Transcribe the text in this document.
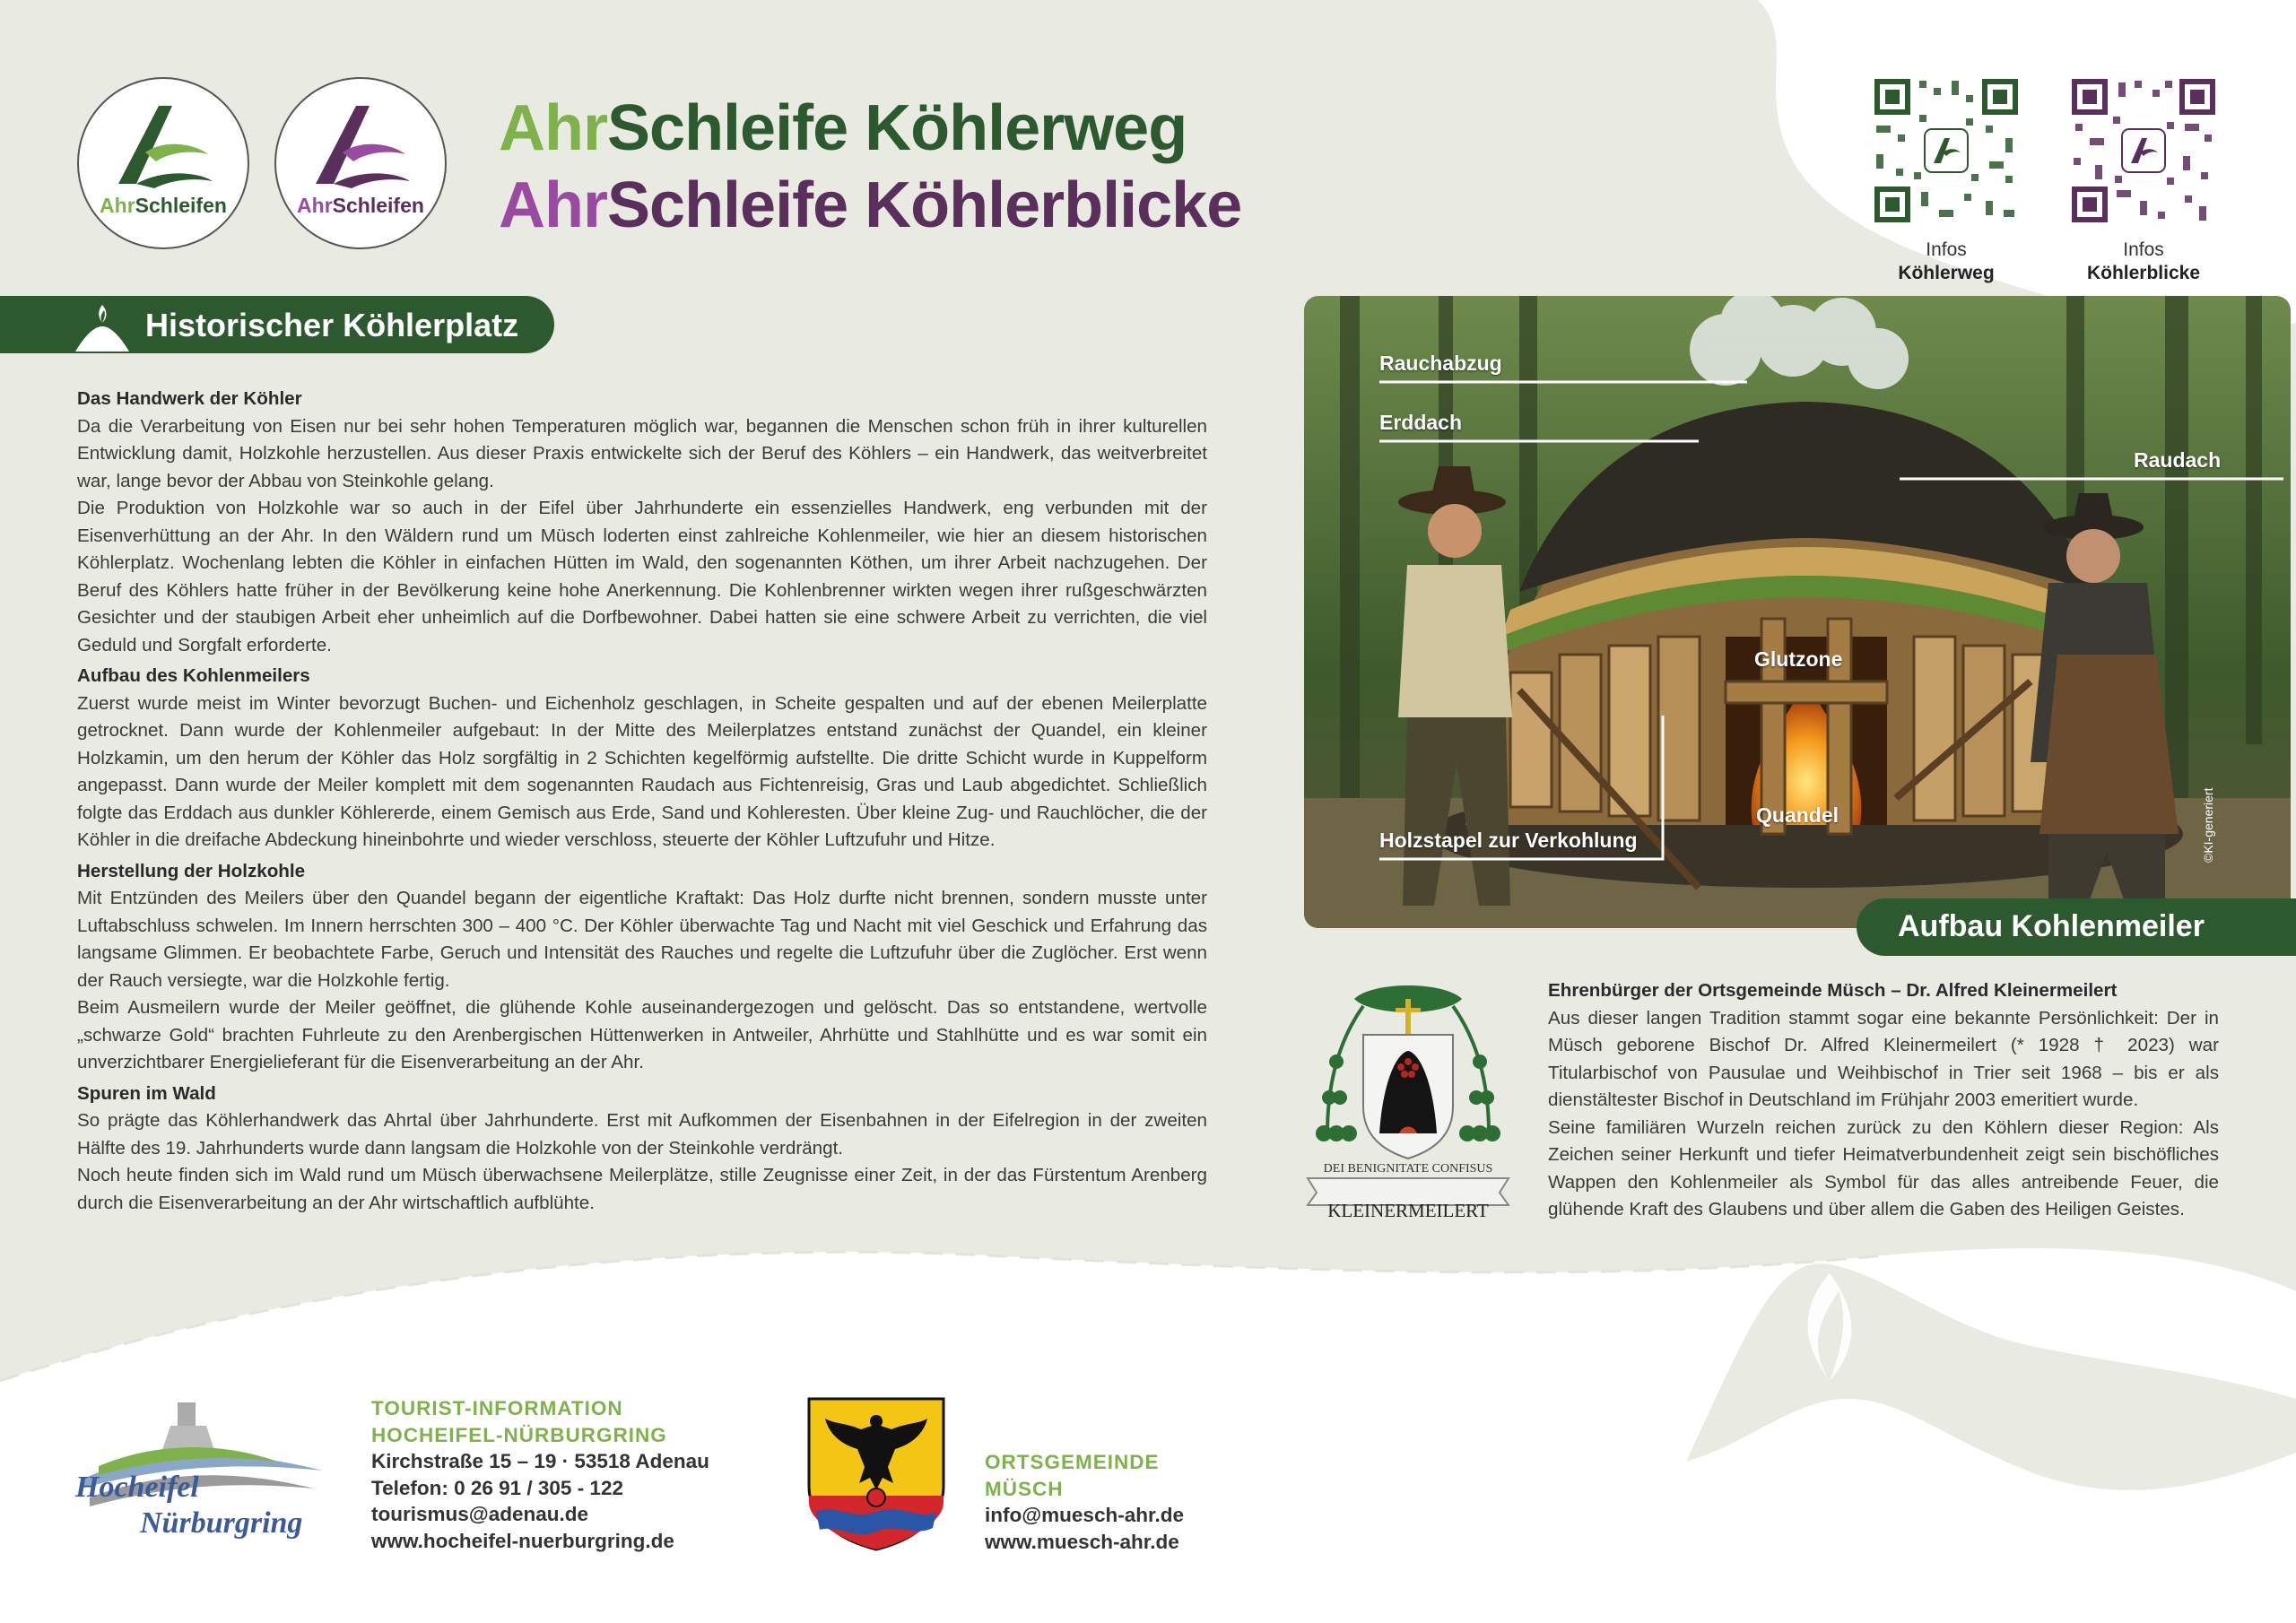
AhrSchleifen	AhrSchleifen
AhrSchleife Köhlerweg
AhrSchleife Köhlerblicke
Infos
Köhlerweg
Infos
Köhlerblicke
Historischer Köhlerplatz
Das Handwerk der Köhler

Da die Verarbeitung von Eisen nur bei sehr hohen Temperaturen möglich war, begannen die Menschen schon früh in ihrer kulturellen Entwicklung damit, Holzkohle herzustellen. Aus dieser Praxis entwickelte sich der Beruf des Köhlers – ein Handwerk, das weitverbreitet war, lange bevor der Abbau von Steinkohle gelang.

Die Produktion von Holzkohle war so auch in der Eifel über Jahrhunderte ein essenzielles Handwerk, eng verbunden mit der Eisenverhüttung an der Ahr. In den Wäldern rund um Müsch loderten einst zahlreiche Kohlenmeiler, wie hier an diesem historischen Köhlerplatz. Wochenlang lebten die Köhler in einfachen Hütten im Wald, den sogenannten Köthen, um ihrer Arbeit nachzugehen. Der Beruf des Köhlers hatte früher in der Bevölkerung keine hohe Anerkennung. Die Kohlenbrenner wirkten wegen ihrer rußgeschwärzten Gesichter und der staubigen Arbeit eher unheimlich auf die Dorfbewohner. Dabei hatten sie eine schwere Arbeit zu verrichten, die viel Geduld und Sorgfalt erforderte.

Aufbau des Kohlenmeilers

Zuerst wurde meist im Winter bevorzugt Buchen- und Eichenholz geschlagen, in Scheite gespalten und auf der ebenen Meilerplatte getrocknet. Dann wurde der Kohlenmeiler aufgebaut: In der Mitte des Meilerplatzes entstand zunächst der Quandel, ein kleiner Holzkamin, um den herum der Köhler das Holz sorgfältig in 2 Schichten kegelförmig aufstellte. Die dritte Schicht wurde in Kuppelform angepasst. Dann wurde der Meiler komplett mit dem sogenannten Raudach aus Fichtenreisig, Gras und Laub abgedichtet. Schließlich folgte das Erddach aus dunkler Köhlererde, einem Gemisch aus Erde, Sand und Kohleresten. Über kleine Zug- und Rauchlöcher, die der Köhler in die dreifache Abdeckung hineinbohrte und wieder verschloss, steuerte der Köhler Luftzufuhr und Hitze.

Herstellung der Holzkohle

Mit Entzünden des Meilers über den Quandel begann der eigentliche Kraftakt: Das Holz durfte nicht brennen, sondern musste unter Luftabschluss schwelen. Im Innern herrschten 300 – 400 °C. Der Köhler überwachte Tag und Nacht mit viel Geschick und Erfahrung das langsame Glimmen. Er beobachtete Farbe, Geruch und Intensität des Rauches und regelte die Luftzufuhr über die Zuglöcher. Erst wenn der Rauch versiegte, war die Holzkohle fertig.

Beim Ausmeilern wurde der Meiler geöffnet, die glühende Kohle auseinandergezogen und gelöscht. Das so entstandene, wertvolle „schwarze Gold“ brachten Fuhrleute zu den Arenbergischen Hüttenwerken in Antweiler, Ahrhütte und Stahlhütte und es war somit ein unverzichtbarer Energielieferant für die Eisenverarbeitung an der Ahr.

Spuren im Wald

So prägte das Köhlerhandwerk das Ahrtal über Jahrhunderte. Erst mit Aufkommen der Eisenbahnen in der Eifelregion in der zweiten Hälfte des 19. Jahrhunderts wurde dann langsam die Holzkohle von der Steinkohle verdrängt.

Noch heute finden sich im Wald rund um Müsch überwachsene Meilerplätze, stille Zeugnisse einer Zeit, in der das Fürstentum Arenberg durch die Eisenverarbeitung an der Ahr wirtschaftlich aufblühte.

Rauchabzug
Erddach
Raudach
Glutzone
Quandel
Holzstapel zur Verkohlung	©KI-generiert
Aufbau Kohlenmeiler
DEI BENIGNITATE CONFISUS
KLEINERMEILERT
Ehrenbürger der Ortsgemeinde Müsch – Dr. Alfred Kleinermeilert

Aus dieser langen Tradition stammt sogar eine bekannte Persönlichkeit: Der in Müsch geborene Bischof Dr. Alfred Kleinermeilert (* 1928 † 2023) war Titularbischof von Pausulae und Weihbischof in Trier seit 1968 – bis er als dienstältester Bischof in Deutschland im Frühjahr 2003 emeritiert wurde.

Seine familiären Wurzeln reichen zurück zu den Köhlern dieser Region: Als Zeichen seiner Herkunft und tiefer Heimatverbundenheit zeigt sein bischöfliches Wappen den Kohlenmeiler als Symbol für das alles antreibende Feuer, die glühende Kraft des Glaubens und über allem die Gaben des Heiligen Geistes.

Hocheifel
Nürburgring
TOURIST-INFORMATION
HOCHEIFEL-NÜRBURGRING
Kirchstraße 15 – 19 · 53518 Adenau
Telefon: 0 26 91 / 305 - 122
tourismus@adenau.de
www.hocheifel-nuerburgring.de
ORTSGEMEINDE
MÜSCH
info@muesch-ahr.de
www.muesch-ahr.de
